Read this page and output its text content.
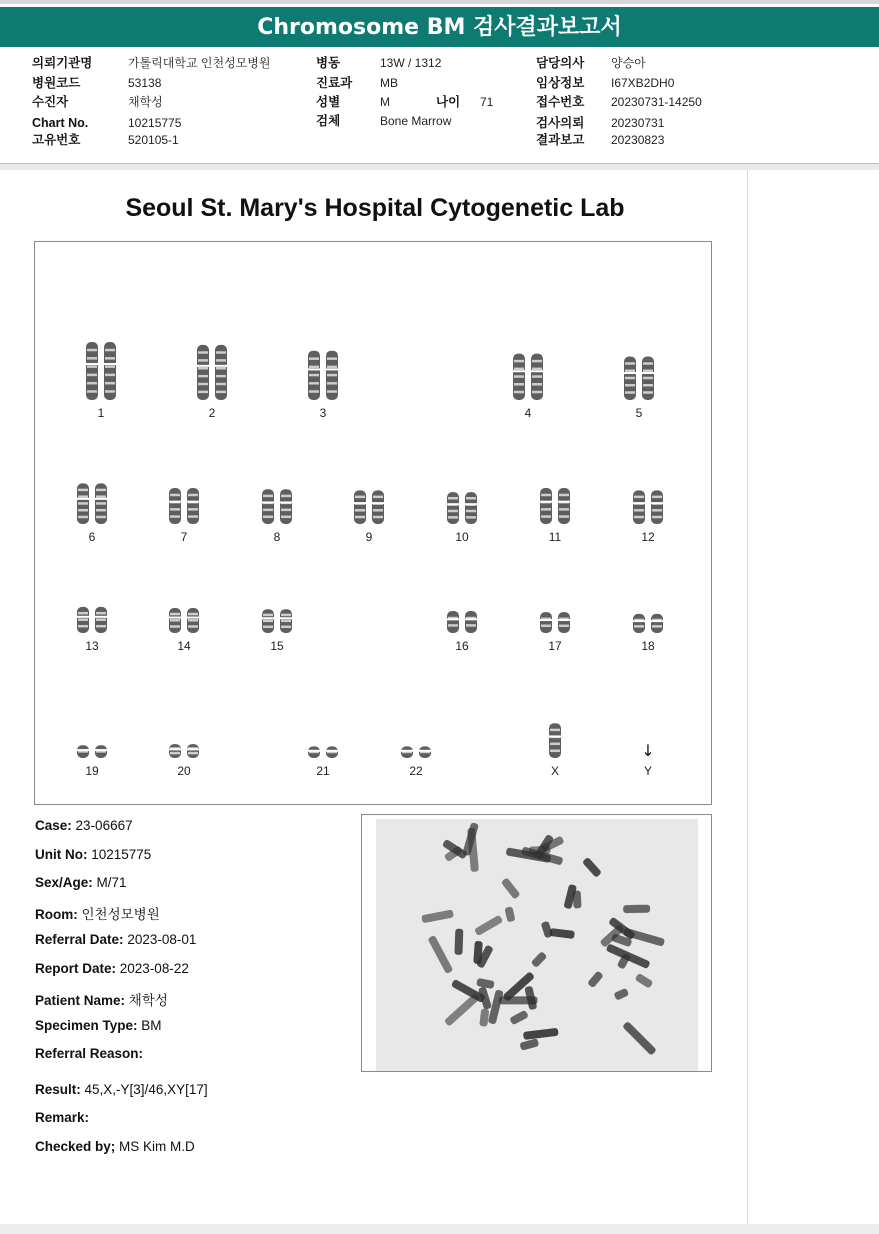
Chromosome BM 검사결과보고서
의뢰기관명	가톨릭대학교 인천성모병원
병원코드	53138
수진자	채학성
Chart No.	10215775
고유번호	520105-1
병동	13W / 1312
진료과 MB
성별	M	나이 71
검체	Bone Marrow
담당의사 양승아
임상정보 I67XB2DH0
접수번호 20230731-14250
검사의뢰 20230731
결과보고 20230823
Seoul St. Mary's Hospital Cytogenetic Lab
1	2	3	4	5
6	7	8	9	10	11	12
13	14	15	16	17	18
19	20	21	22	X
↓
Y
Case: 23-06667
Unit No: 10215775
Sex/Age: M/71
Room: 인천성모병원
Referral Date: 2023-08-01
Report Date: 2023-08-22
Patient Name: 채학성
Specimen Type: BM
Referral Reason:
Result: 45,X,-Y[3]/46,XY[17]
Remark:
Checked by; MS Kim M.D
